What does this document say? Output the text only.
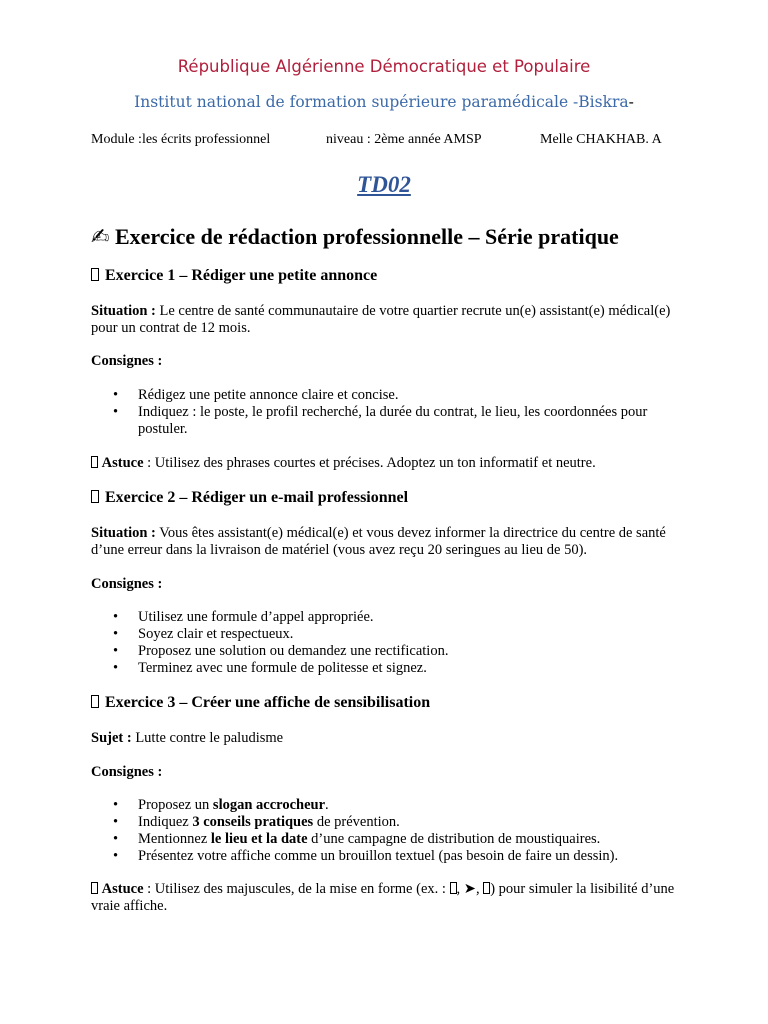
République Algérienne Démocratique et Populaire
Institut national de formation supérieure paramédicale -Biskra-
Module :les écrits professionnel	niveau : 2ème année AMSP	Melle CHAKHAB. A
TD02
✍ Exercice de rédaction professionnelle – Série pratique
Exercice 1 – Rédiger une petite annonce
Situation : Le centre de santé communautaire de votre quartier recrute un(e) assistant(e) médical(e) pour un contrat de 12 mois.
Consignes :
• Rédigez une petite annonce claire et concise.
• Indiquez : le poste, le profil recherché, la durée du contrat, le lieu, les coordonnées pour postuler.
Astuce : Utilisez des phrases courtes et précises. Adoptez un ton informatif et neutre.
Exercice 2 – Rédiger un e-mail professionnel
Situation : Vous êtes assistant(e) médical(e) et vous devez informer la directrice du centre de santé d’une erreur dans la livraison de matériel (vous avez reçu 20 seringues au lieu de 50).
Consignes :
• Utilisez une formule d’appel appropriée.
• Soyez clair et respectueux.
• Proposez une solution ou demandez une rectification.
• Terminez avec une formule de politesse et signez.
Exercice 3 – Créer une affiche de sensibilisation
Sujet : Lutte contre le paludisme
Consignes :
• Proposez un slogan accrocheur.
• Indiquez 3 conseils pratiques de prévention.
• Mentionnez le lieu et la date d’une campagne de distribution de moustiquaires.
• Présentez votre affiche comme un brouillon textuel (pas besoin de faire un dessin).
Astuce : Utilisez des majuscules, de la mise en forme (ex. : , ➤, ) pour simuler la lisibilité d’une vraie affiche.
